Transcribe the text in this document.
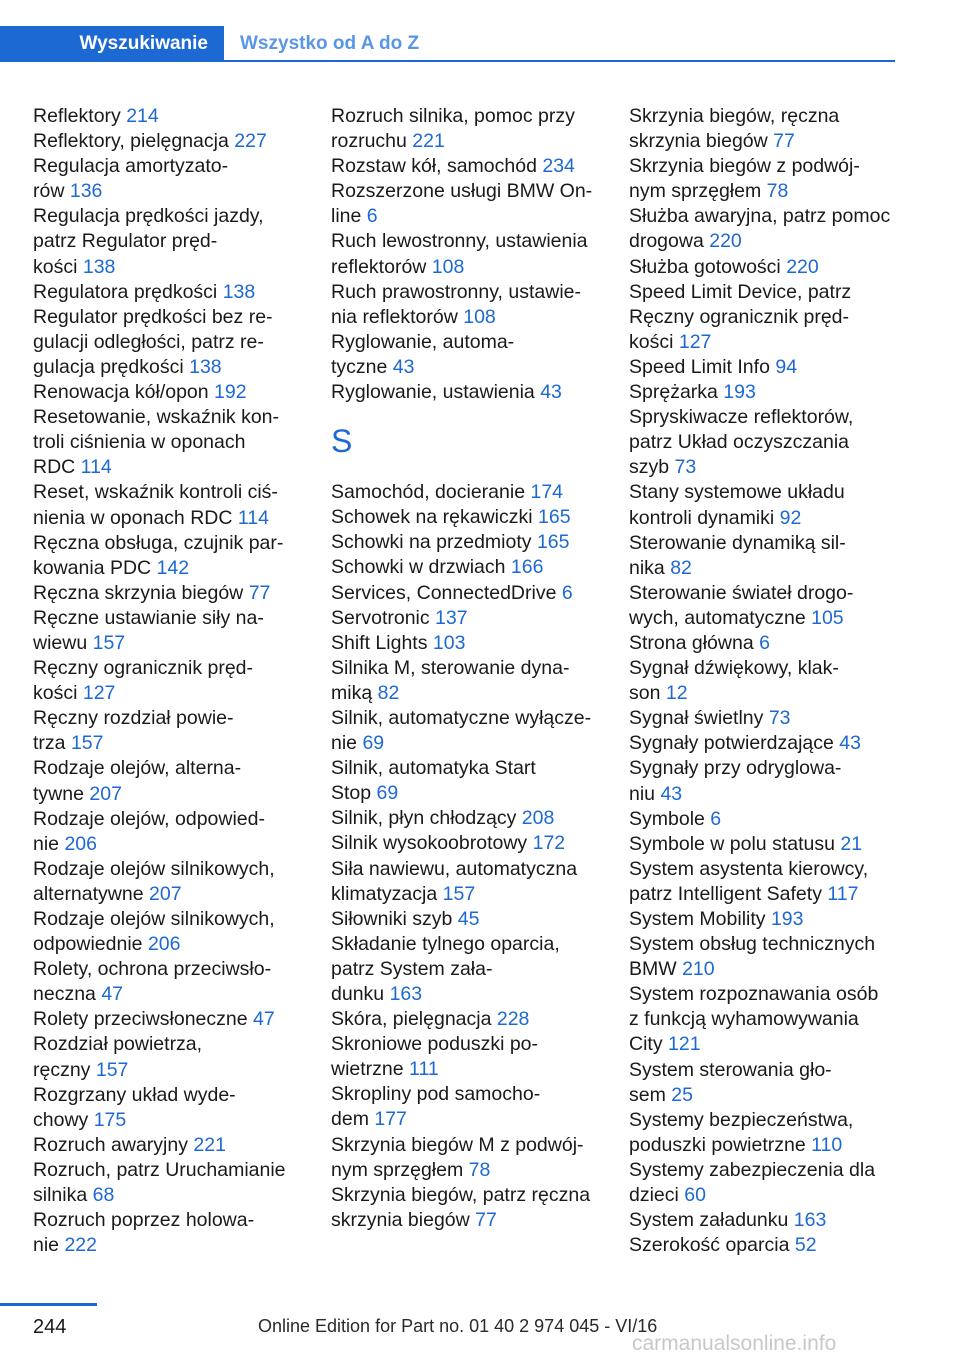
Wyszukiwanie	Wszystko od A do Z
Reflektory 214
Reflektory, pielęgnacja 227
Regulacja amortyzato-
rów 136
Regulacja prędkości jazdy,
patrz Regulator pręd-
kości 138
Regulatora prędkości 138
Regulator prędkości bez re-
gulacji odległości, patrz re-
gulacja prędkości 138
Renowacja kół/opon 192
Resetowanie, wskaźnik kon-
troli ciśnienia w oponach
RDC 114
Reset, wskaźnik kontroli ciś-
nienia w oponach RDC 114
Ręczna obsługa, czujnik par-
kowania PDC 142
Ręczna skrzynia biegów 77
Ręczne ustawianie siły na-
wiewu 157
Ręczny ogranicznik pręd-
kości 127
Ręczny rozdział powie-
trza 157
Rodzaje olejów, alterna-
tywne 207
Rodzaje olejów, odpowied-
nie 206
Rodzaje olejów silnikowych,
alternatywne 207
Rodzaje olejów silnikowych,
odpowiednie 206
Rolety, ochrona przeciwsło-
neczna 47
Rolety przeciwsłoneczne 47
Rozdział powietrza,
ręczny 157
Rozgrzany układ wyde-
chowy 175
Rozruch awaryjny 221
Rozruch, patrz Uruchamianie
silnika 68
Rozruch poprzez holowa-
nie 222
Rozruch silnika, pomoc przy
rozruchu 221
Rozstaw kół, samochód 234
Rozszerzone usługi BMW On-
line 6
Ruch lewostronny, ustawienia
reflektorów 108
Ruch prawostronny, ustawie-
nia reflektorów 108
Ryglowanie, automa-
tyczne 43
Ryglowanie, ustawienia 43
S
Samochód, docieranie 174
Schowek na rękawiczki 165
Schowki na przedmioty 165
Schowki w drzwiach 166
Services, ConnectedDrive 6
Servotronic 137
Shift Lights 103
Silnika M, sterowanie dyna-
miką 82
Silnik, automatyczne wyłącze-
nie 69
Silnik, automatyka Start
Stop 69
Silnik, płyn chłodzący 208
Silnik wysokoobrotowy 172
Siła nawiewu, automatyczna
klimatyzacja 157
Siłowniki szyb 45
Składanie tylnego oparcia,
patrz System zała-
dunku 163
Skóra, pielęgnacja 228
Skroniowe poduszki po-
wietrzne 111
Skropliny pod samocho-
dem 177
Skrzynia biegów M z podwój-
nym sprzęgłem 78
Skrzynia biegów, patrz ręczna
skrzynia biegów 77
Skrzynia biegów, ręczna
skrzynia biegów 77
Skrzynia biegów z podwój-
nym sprzęgłem 78
Służba awaryjna, patrz pomoc
drogowa 220
Służba gotowości 220
Speed Limit Device, patrz
Ręczny ogranicznik pręd-
kości 127
Speed Limit Info 94
Sprężarka 193
Spryskiwacze reflektorów,
patrz Układ oczyszczania
szyb 73
Stany systemowe układu
kontroli dynamiki 92
Sterowanie dynamiką sil-
nika 82
Sterowanie świateł drogo-
wych, automatyczne 105
Strona główna 6
Sygnał dźwiękowy, klak-
son 12
Sygnał świetlny 73
Sygnały potwierdzające 43
Sygnały przy odryglowa-
niu 43
Symbole 6
Symbole w polu statusu 21
System asystenta kierowcy,
patrz Intelligent Safety 117
System Mobility 193
System obsług technicznych
BMW 210
System rozpoznawania osób
z funkcją wyhamowywania
City 121
System sterowania gło-
sem 25
Systemy bezpieczeństwa,
poduszki powietrzne 110
Systemy zabezpieczenia dla
dzieci 60
System załadunku 163
Szerokość oparcia 52
244	Online Edition for Part no. 01 40 2 974 045 - VI/16
carmanualsonline.info
